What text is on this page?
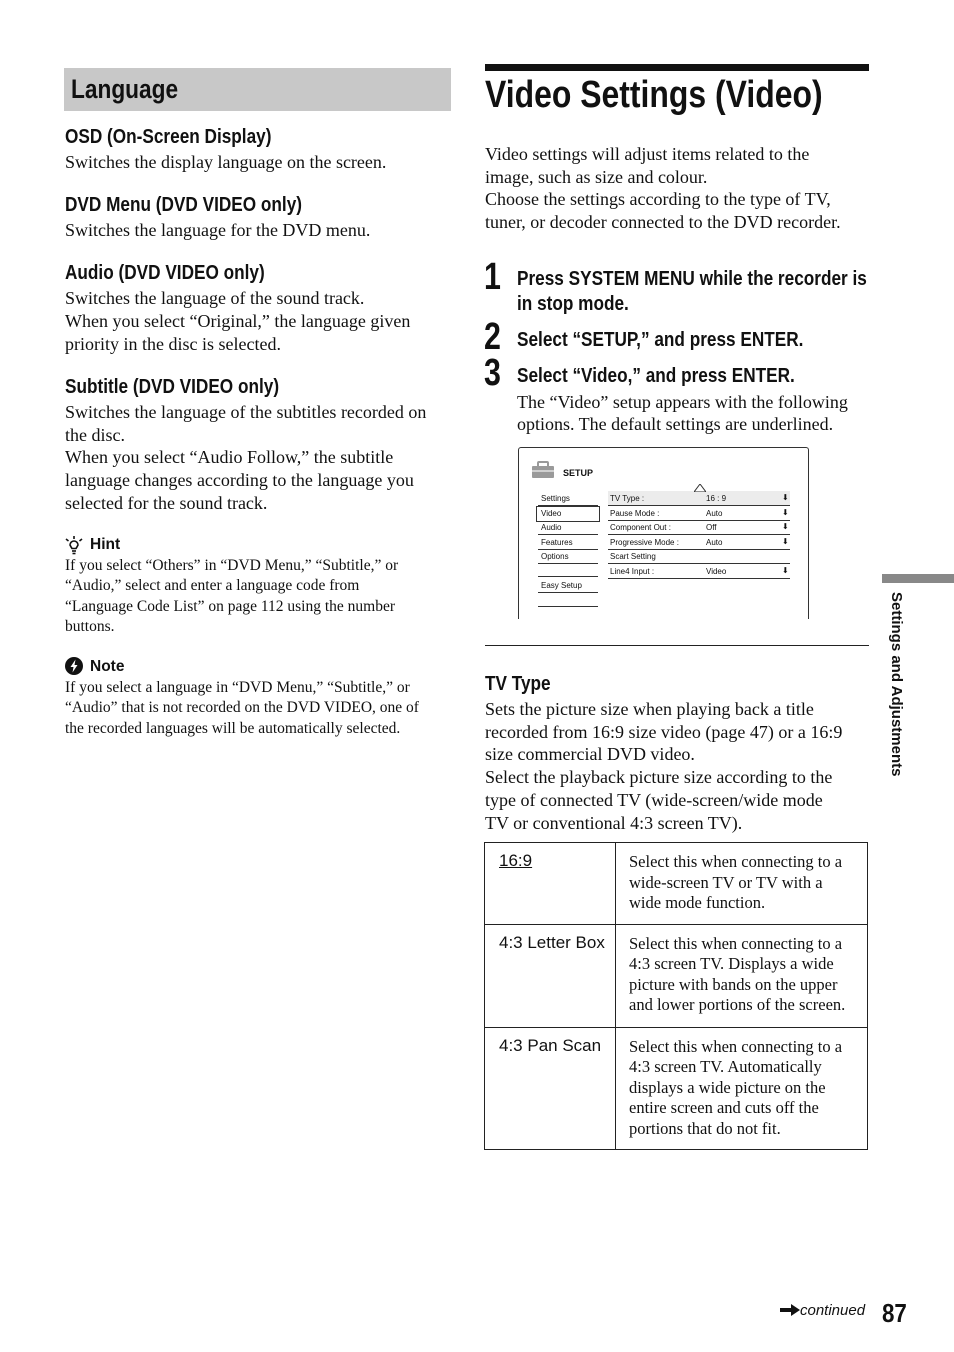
Language
OSD (On-Screen Display)
Switches the display language on the screen.
DVD Menu (DVD VIDEO only)
Switches the language for the DVD menu.
Audio (DVD VIDEO only)
Switches the language of the sound track.
When you select “Original,” the language given
priority in the disc is selected.
Subtitle (DVD VIDEO only)
Switches the language of the subtitles recorded on
the disc.
When you select “Audio Follow,” the subtitle
language changes according to the language you
selected for the sound track.
Hint
If you select “Others” in “DVD Menu,” “Subtitle,” or
“Audio,” select and enter a language code from
“Language Code List” on page 112 using the number
buttons.
Note
If you select a language in “DVD Menu,” “Subtitle,” or
“Audio” that is not recorded on the DVD VIDEO, one of
the recorded languages will be automatically selected.
Video Settings (Video)
Video settings will adjust items related to the
image, such as size and colour.
Choose the settings according to the type of TV,
tuner, or decoder connected to the DVD recorder.
1 Press SYSTEM MENU while the recorder is
in stop mode.
2 Select “SETUP,” and press ENTER.
3 Select “Video,” and press ENTER.
The “Video” setup appears with the following
options. The default settings are underlined.
SETUP
Settings
Video
Audio
Features
Options
Easy Setup
TV Type :	16 : 9	⬇
Pause Mode :	Auto	⬇
Component Out :	Off	⬇
Progressive Mode :	Auto	⬇
Scart Setting
Line4 Input :	Video	⬇
TV Type
Sets the picture size when playing back a title
recorded from 16:9 size video (page 47) or a 16:9
size commercial DVD video.
Select the playback picture size according to the
type of connected TV (wide-screen/wide mode
TV or conventional 4:3 screen TV).
16:9	Select this when connecting to a wide-screen TV or TV with a wide mode function.
4:3 Letter Box	Select this when connecting to a 4:3 screen TV. Displays a wide picture with bands on the upper and lower portions of the screen.
4:3 Pan Scan	Select this when connecting to a 4:3 screen TV. Automatically displays a wide picture on the entire screen and cuts off the portions that do not fit.
Settings and Adjustments
continued 87
